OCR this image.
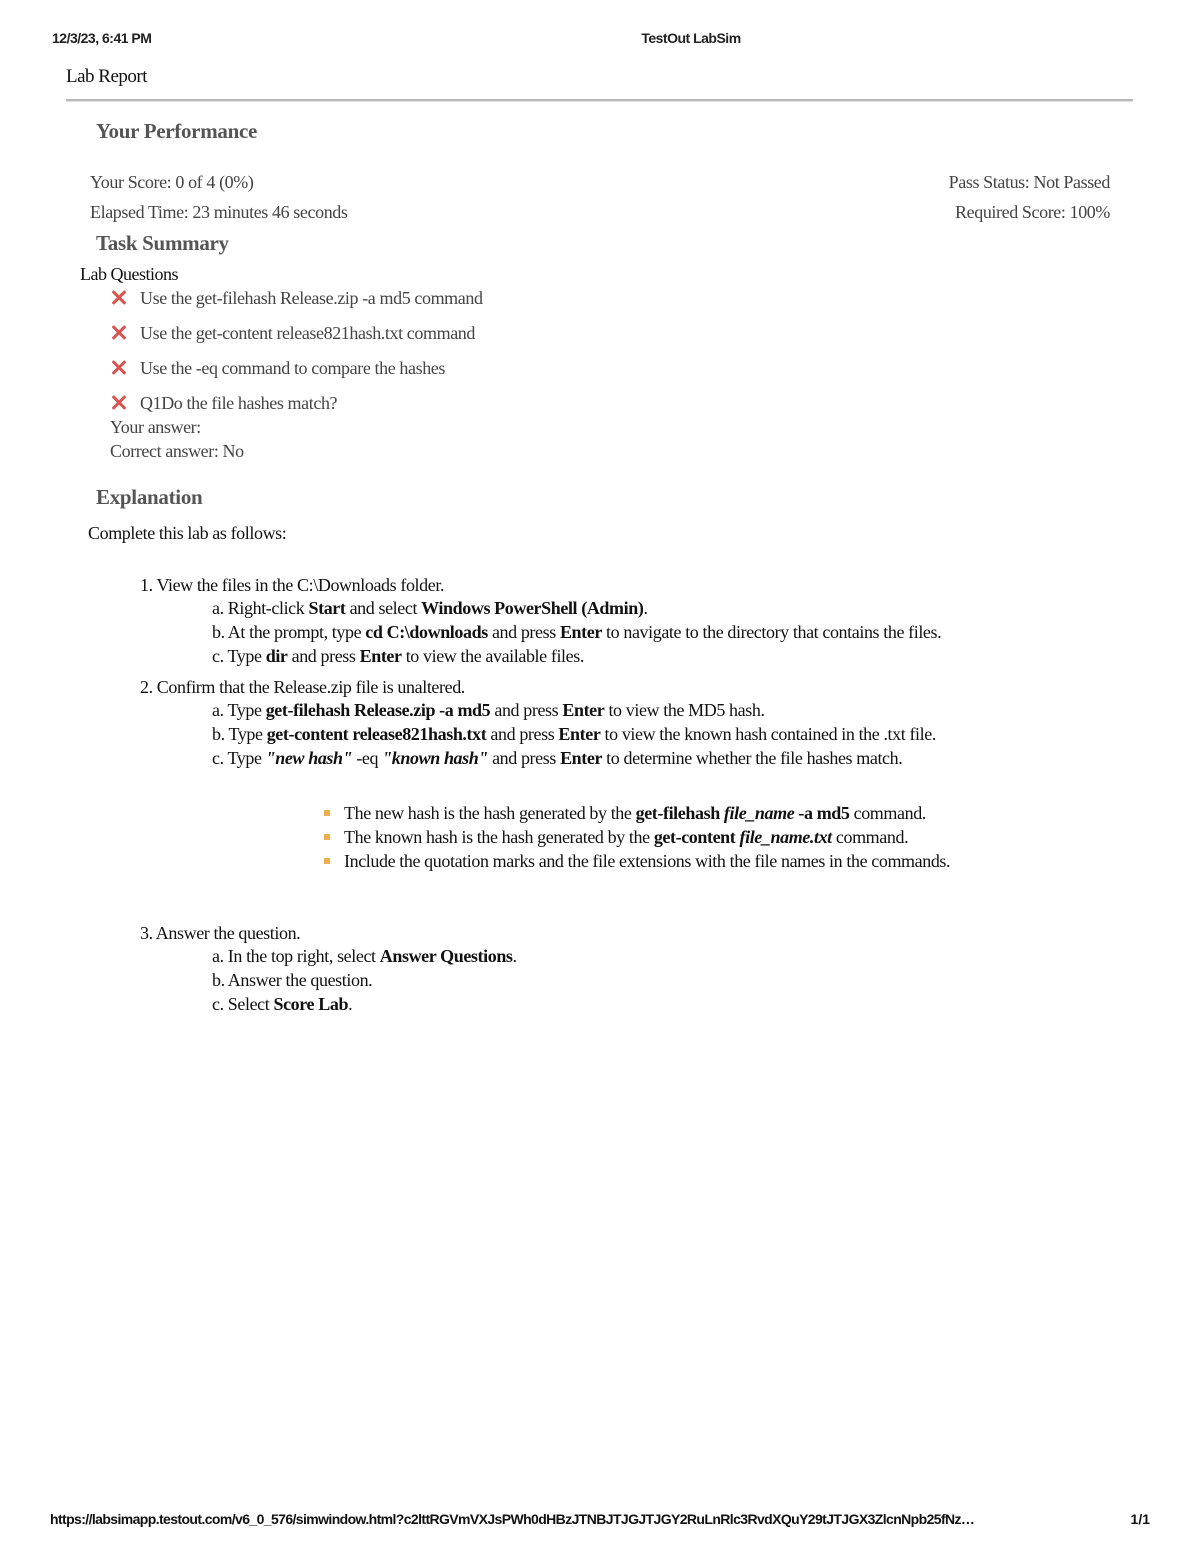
12/3/23, 6:41 PM	TestOut LabSim
Lab Report
Your Performance
Your Score: 0 of 4 (0%)
Elapsed Time: 23 minutes 46 seconds
Pass Status: Not Passed
Required Score: 100%
Task Summary
Lab Questions
Use the get-filehash Release.zip -a md5 command
Use the get-content release821hash.txt command
Use the -eq command to compare the hashes
Q1Do the file hashes match?
Your answer:
Correct answer: No
Explanation
Complete this lab as follows:
1. View the files in the C:\Downloads folder.
a. Right-click Start and select Windows PowerShell (Admin).
b. At the prompt, type cd C:\downloads and press Enter to navigate to the directory that contains the files.
c. Type dir and press Enter to view the available files.
2. Confirm that the Release.zip file is unaltered.
a. Type get-filehash Release.zip -a md5 and press Enter to view the MD5 hash.
b. Type get-content release821hash.txt and press Enter to view the known hash contained in the .txt file.
c. Type "new hash" -eq "known hash" and press Enter to determine whether the file hashes match.
The new hash is the hash generated by the get-filehash file_name -a md5 command.
The known hash is the hash generated by the get-content file_name.txt command.
Include the quotation marks and the file extensions with the file names in the commands.
3. Answer the question.
a. In the top right, select Answer Questions.
b. Answer the question.
c. Select Score Lab.
https://labsimapp.testout.com/v6_0_576/simwindow.html?c2lttRGVmVXJsPWh0dHBzJTNBJTJGJTJGY2RuLnRlc3RvdXQuY29tJTJGX3ZlcnNpb25fNz…	1/1
